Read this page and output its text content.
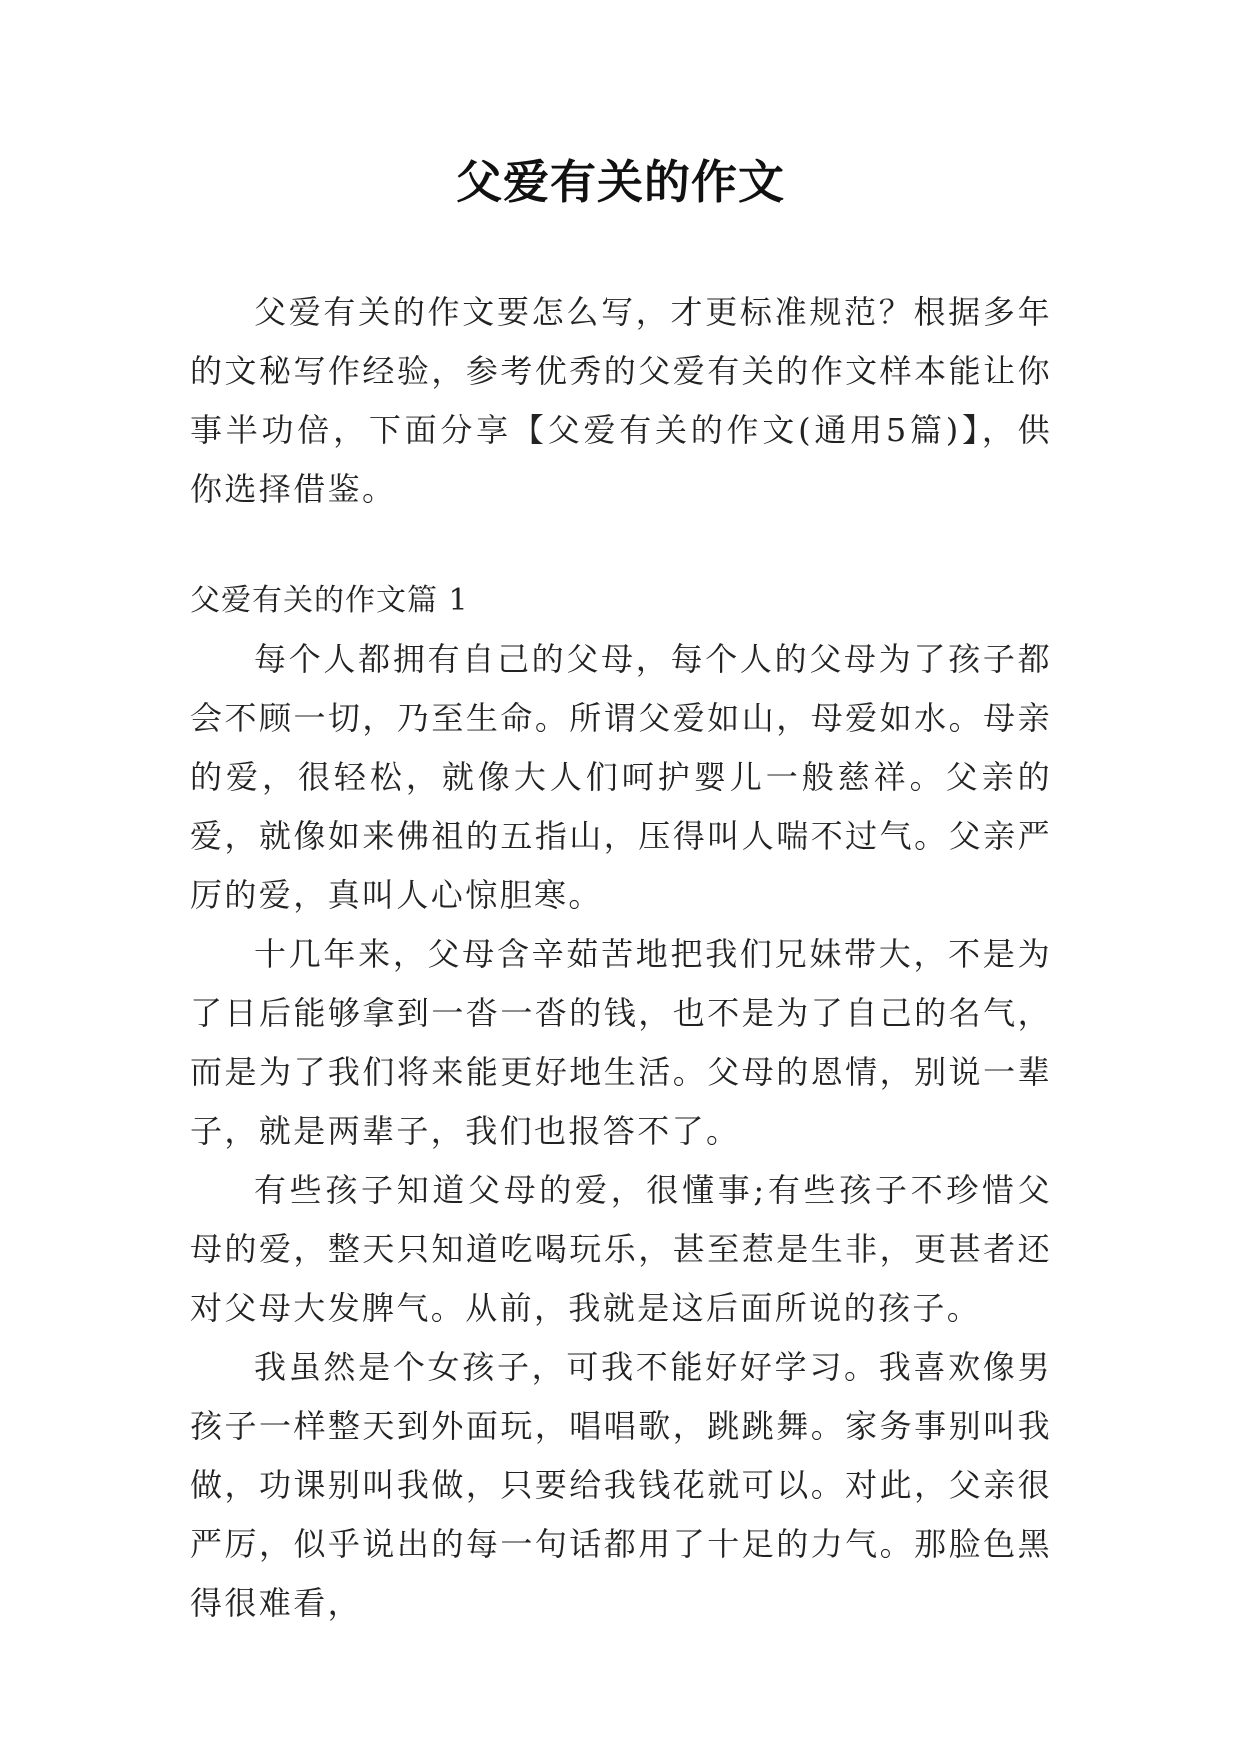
父爱有关的作文

父爱有关的作文要怎么写，才更标准规范？根据多年的文秘写作经验，参考优秀的父爱有关的作文样本能让你事半功倍，下面分享【父爱有关的作文(通用5篇)】，供你选择借鉴。

父爱有关的作文篇 1

每个人都拥有自己的父母，每个人的父母为了孩子都会不顾一切，乃至生命。所谓父爱如山，母爱如水。母亲的爱，很轻松，就像大人们呵护婴儿一般慈祥。父亲的爱，就像如来佛祖的五指山，压得叫人喘不过气。父亲严厉的爱，真叫人心惊胆寒。

十几年来，父母含辛茹苦地把我们兄妹带大，不是为了日后能够拿到一沓一沓的钱，也不是为了自己的名气，而是为了我们将来能更好地生活。父母的恩情，别说一辈子，就是两辈子，我们也报答不了。

有些孩子知道父母的爱，很懂事;有些孩子不珍惜父母的爱，整天只知道吃喝玩乐，甚至惹是生非，更甚者还对父母大发脾气。从前，我就是这后面所说的孩子。

我虽然是个女孩子，可我不能好好学习。我喜欢像男孩子一样整天到外面玩，唱唱歌，跳跳舞。家务事别叫我做，功课别叫我做，只要给我钱花就可以。对此，父亲很严厉，似乎说出的每一句话都用了十足的力气。那脸色黑得很难看，
